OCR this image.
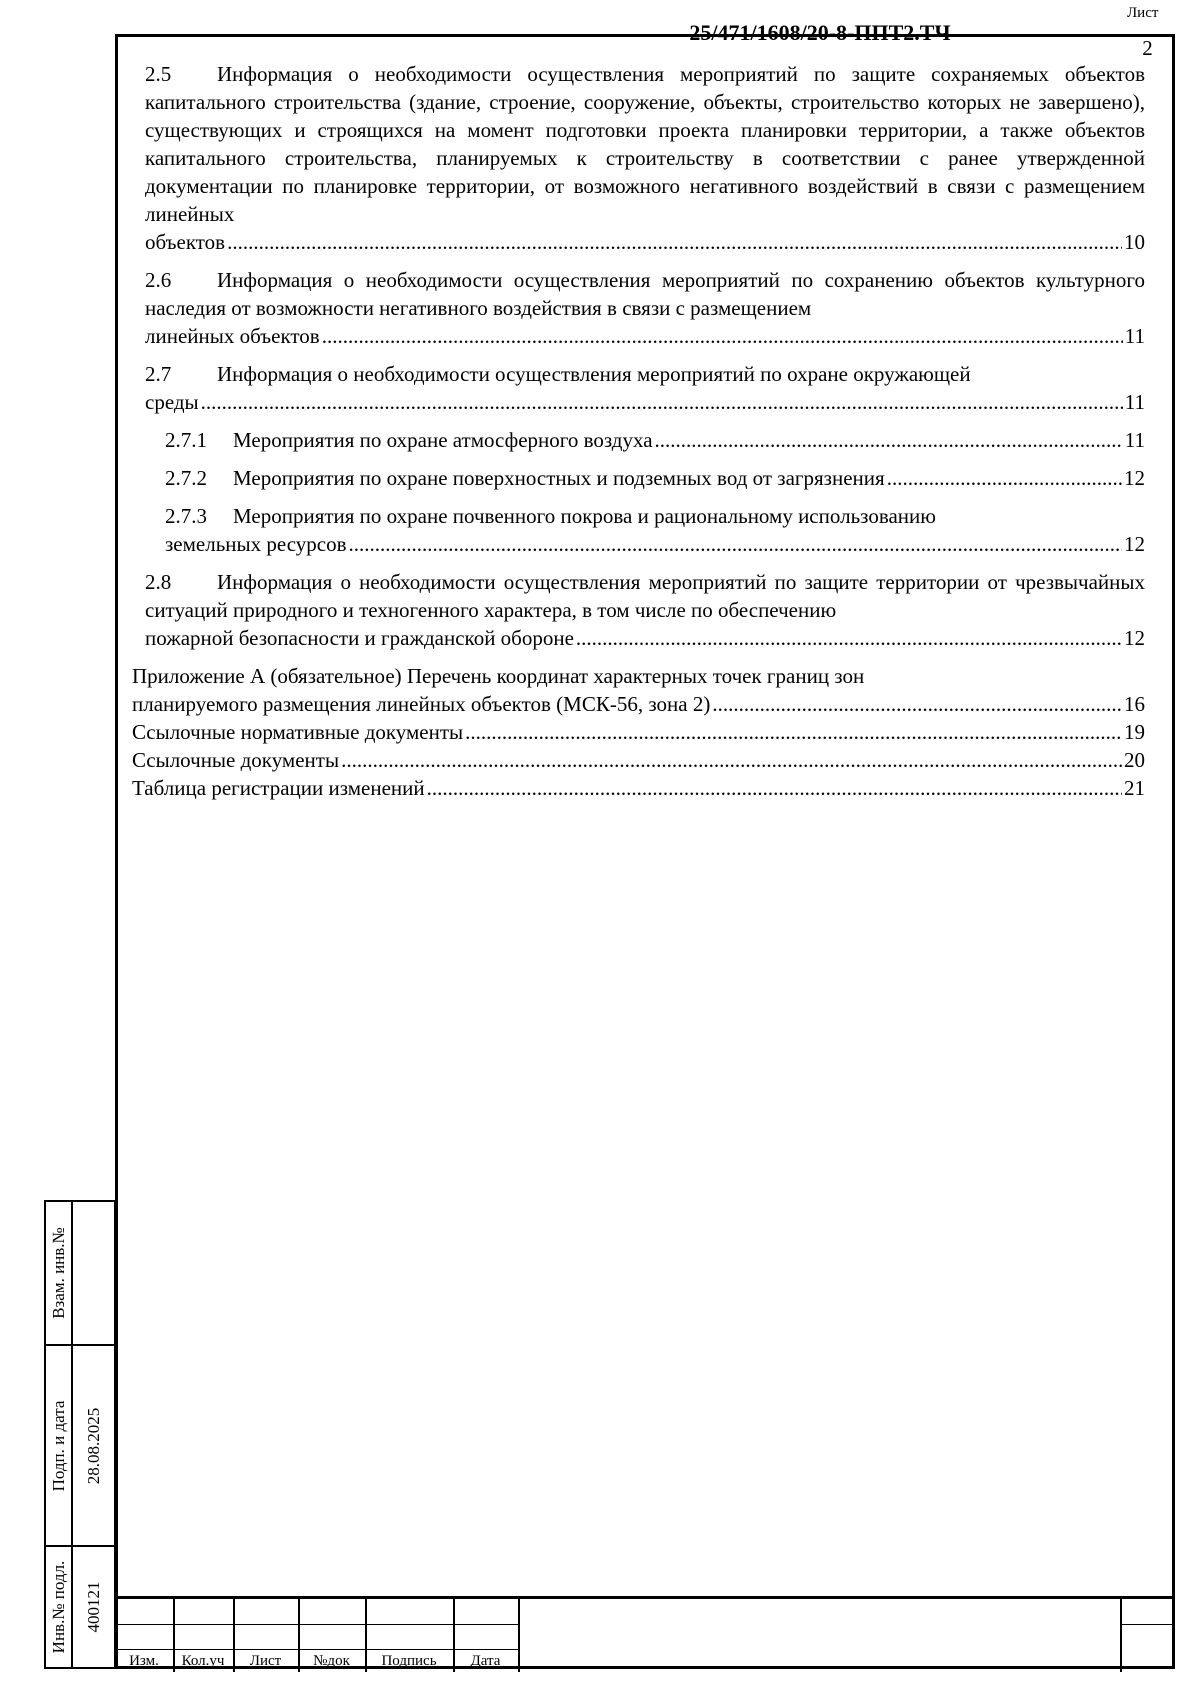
2.5 Информация о необходимости осуществления мероприятий по защите сохраняемых объектов капитального строительства (здание, строение, сооружение, объекты, строительство которых не завершено), существующих и строящихся на момент подготовки проекта планировки территории, а также объектов капитального строительства, планируемых к строительству в соответствии с ранее утвержденной документации по планировке территории, от возможного негативного воздействий в связи с размещением линейных
объектов .....	10
2.6 Информация о необходимости осуществления мероприятий по сохранению объектов культурного наследия от возможности негативного воздействия в связи с размещением
линейных объектов .....	11
2.7 Информация о необходимости осуществления мероприятий по охране окружающей
среды .....	11
2.7.1	Мероприятия по охране атмосферного воздуха .....	11
2.7.2	Мероприятия по охране поверхностных и подземных вод от загрязнения .....	12
2.7.3 Мероприятия по охране почвенного покрова и рациональному использованию
земельных ресурсов .....	12
2.8 Информация о необходимости осуществления мероприятий по защите территории от чрезвычайных ситуаций природного и техногенного характера, в том числе по обеспечению
пожарной безопасности и гражданской обороне .....	12
Приложение А (обязательное) Перечень координат характерных точек границ зон
планируемого размещения линейных объектов (МСК-56, зона 2) .....	16
Ссылочные нормативные документы .....	19
Ссылочные документы .....	20
Таблица регистрации изменений .....	21
Взам. инв.№
Подп. и дата 28.08.2025
Инв.№ подл. 400121
Изм.	Кол.уч	Лист	№док	Подпись	Дата
25/471/1608/20-8-ППТ2.ТЧ
Лист
2
